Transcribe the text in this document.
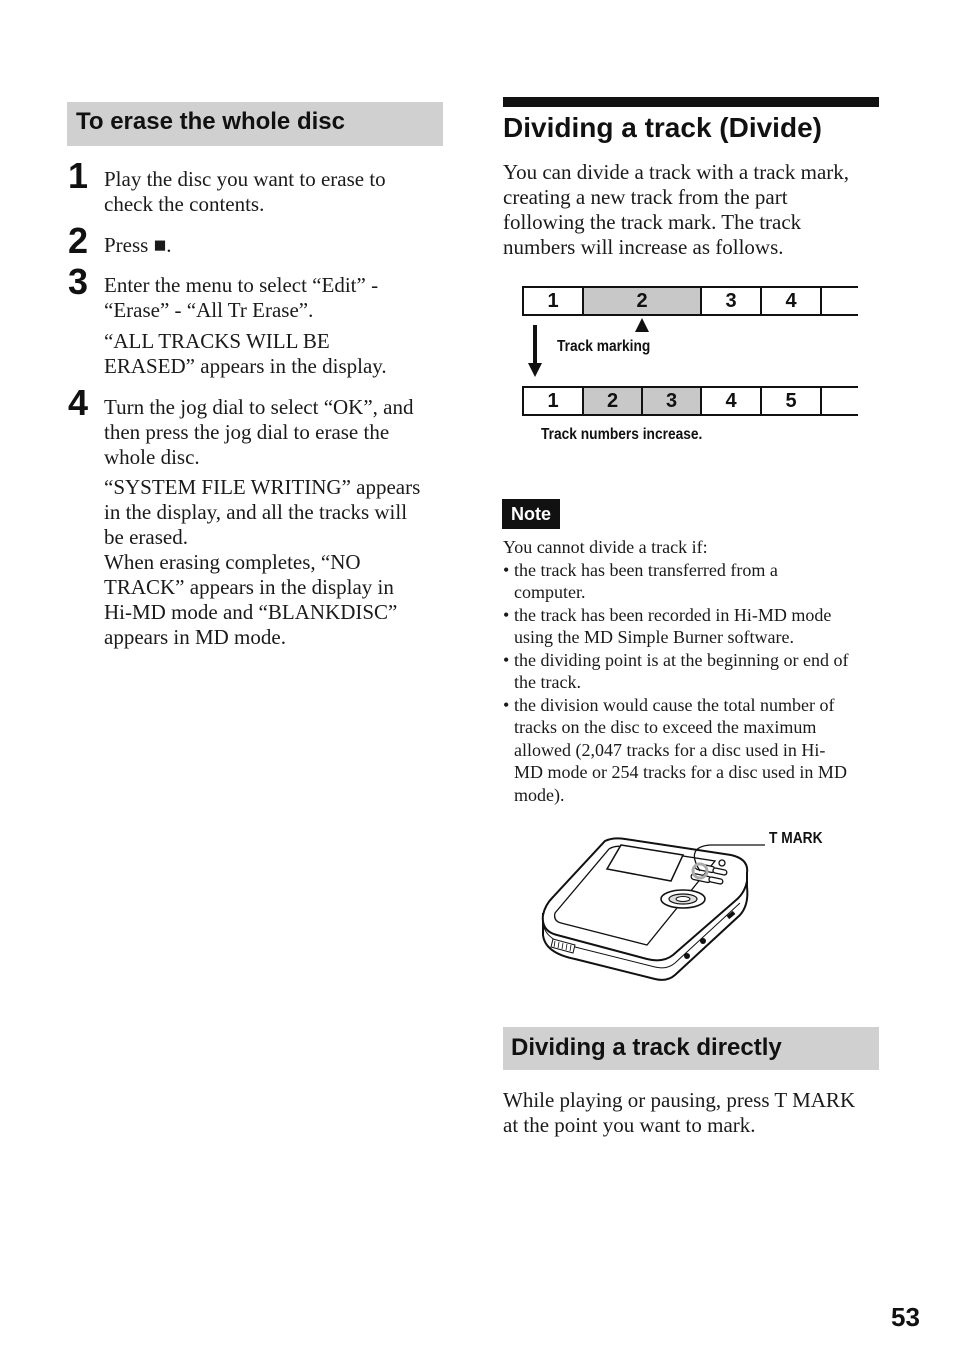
To erase the whole disc
1 Play the disc you want to erase to

check the contents.

2 Press ■.

3 Enter the menu to select “Edit” -

“Erase” - “All Tr Erase”.

“ALL TRACKS WILL BE

ERASED” appears in the display.

4 Turn the jog dial to select “OK”, and

then press the jog dial to erase the

whole disc.

“SYSTEM FILE WRITING” appears

in the display, and all the tracks will

be erased.

When erasing completes, “NO

TRACK” appears in the display in

Hi-MD mode and “BLANKDISC”

appears in MD mode.

Dividing a track (Divide)
You can divide a track with a track mark,
creating a new track from the part
following the track mark. The track
numbers will increase as follows.
1	2	3	4
Track marking
1	2	3	4	5
Track numbers increase.
Note

You cannot divide a track if:

• the track has been transferred from a
computer.
• the track has been recorded in Hi-MD mode
using the MD Simple Burner software.
• the dividing point is at the beginning or end of
the track.
• the division would cause the total number of
tracks on the disc to exceed the maximum
allowed (2,047 tracks for a disc used in Hi-
MD mode or 254 tracks for a disc used in MD
mode).
T MARK
Dividing a track directly
While playing or pausing, press T MARK
at the point you want to mark.
53
